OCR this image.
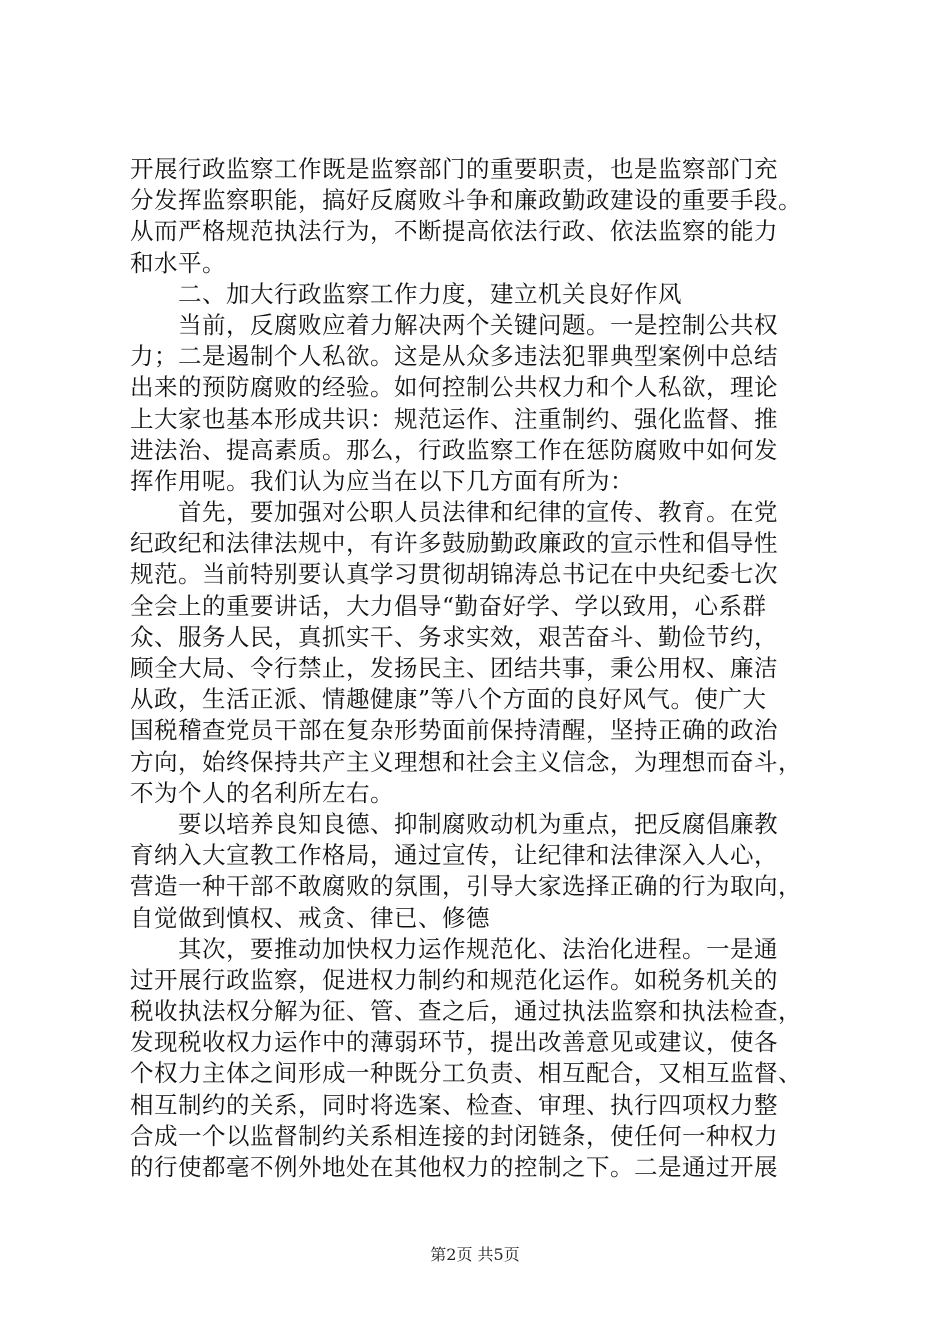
开展行政监察工作既是监察部门的重要职责，也是监察部门充
分发挥监察职能，搞好反腐败斗争和廉政勤政建设的重要手段。
从而严格规范执法行为，不断提高依法行政、依法监察的能力
和水平。
二、加大行政监察工作力度，建立机关良好作风
当前，反腐败应着力解决两个关键问题。一是控制公共权
力；二是遏制个人私欲。这是从众多违法犯罪典型案例中总结
出来的预防腐败的经验。如何控制公共权力和个人私欲，理论
上大家也基本形成共识：规范运作、注重制约、强化监督、推
进法治、提高素质。那么，行政监察工作在惩防腐败中如何发
挥作用呢。我们认为应当在以下几方面有所为：
首先，要加强对公职人员法律和纪律的宣传、教育。在党
纪政纪和法律法规中，有许多鼓励勤政廉政的宣示性和倡导性
规范。当前特别要认真学习贯彻胡锦涛总书记在中央纪委七次
全会上的重要讲话，大力倡导“勤奋好学、学以致用，心系群
众、服务人民，真抓实干、务求实效，艰苦奋斗、勤俭节约，
顾全大局、令行禁止，发扬民主、团结共事，秉公用权、廉洁
从政，生活正派、情趣健康”等八个方面的良好风气。使广大
国税稽查党员干部在复杂形势面前保持清醒，坚持正确的政治
方向，始终保持共产主义理想和社会主义信念，为理想而奋斗，
不为个人的名利所左右。
要以培养良知良德、抑制腐败动机为重点，把反腐倡廉教
育纳入大宣教工作格局，通过宣传，让纪律和法律深入人心，
营造一种干部不敢腐败的氛围，引导大家选择正确的行为取向，
自觉做到慎权、戒贪、律已、修德
其次，要推动加快权力运作规范化、法治化进程。一是通
过开展行政监察，促进权力制约和规范化运作。如税务机关的
税收执法权分解为征、管、查之后，通过执法监察和执法检查，
发现税收权力运作中的薄弱环节，提出改善意见或建议，使各
个权力主体之间形成一种既分工负责、相互配合，又相互监督、
相互制约的关系，同时将选案、检查、审理、执行四项权力整
合成一个以监督制约关系相连接的封闭链条，使任何一种权力
的行使都毫不例外地处在其他权力的控制之下。二是通过开展
第2页 共5页
